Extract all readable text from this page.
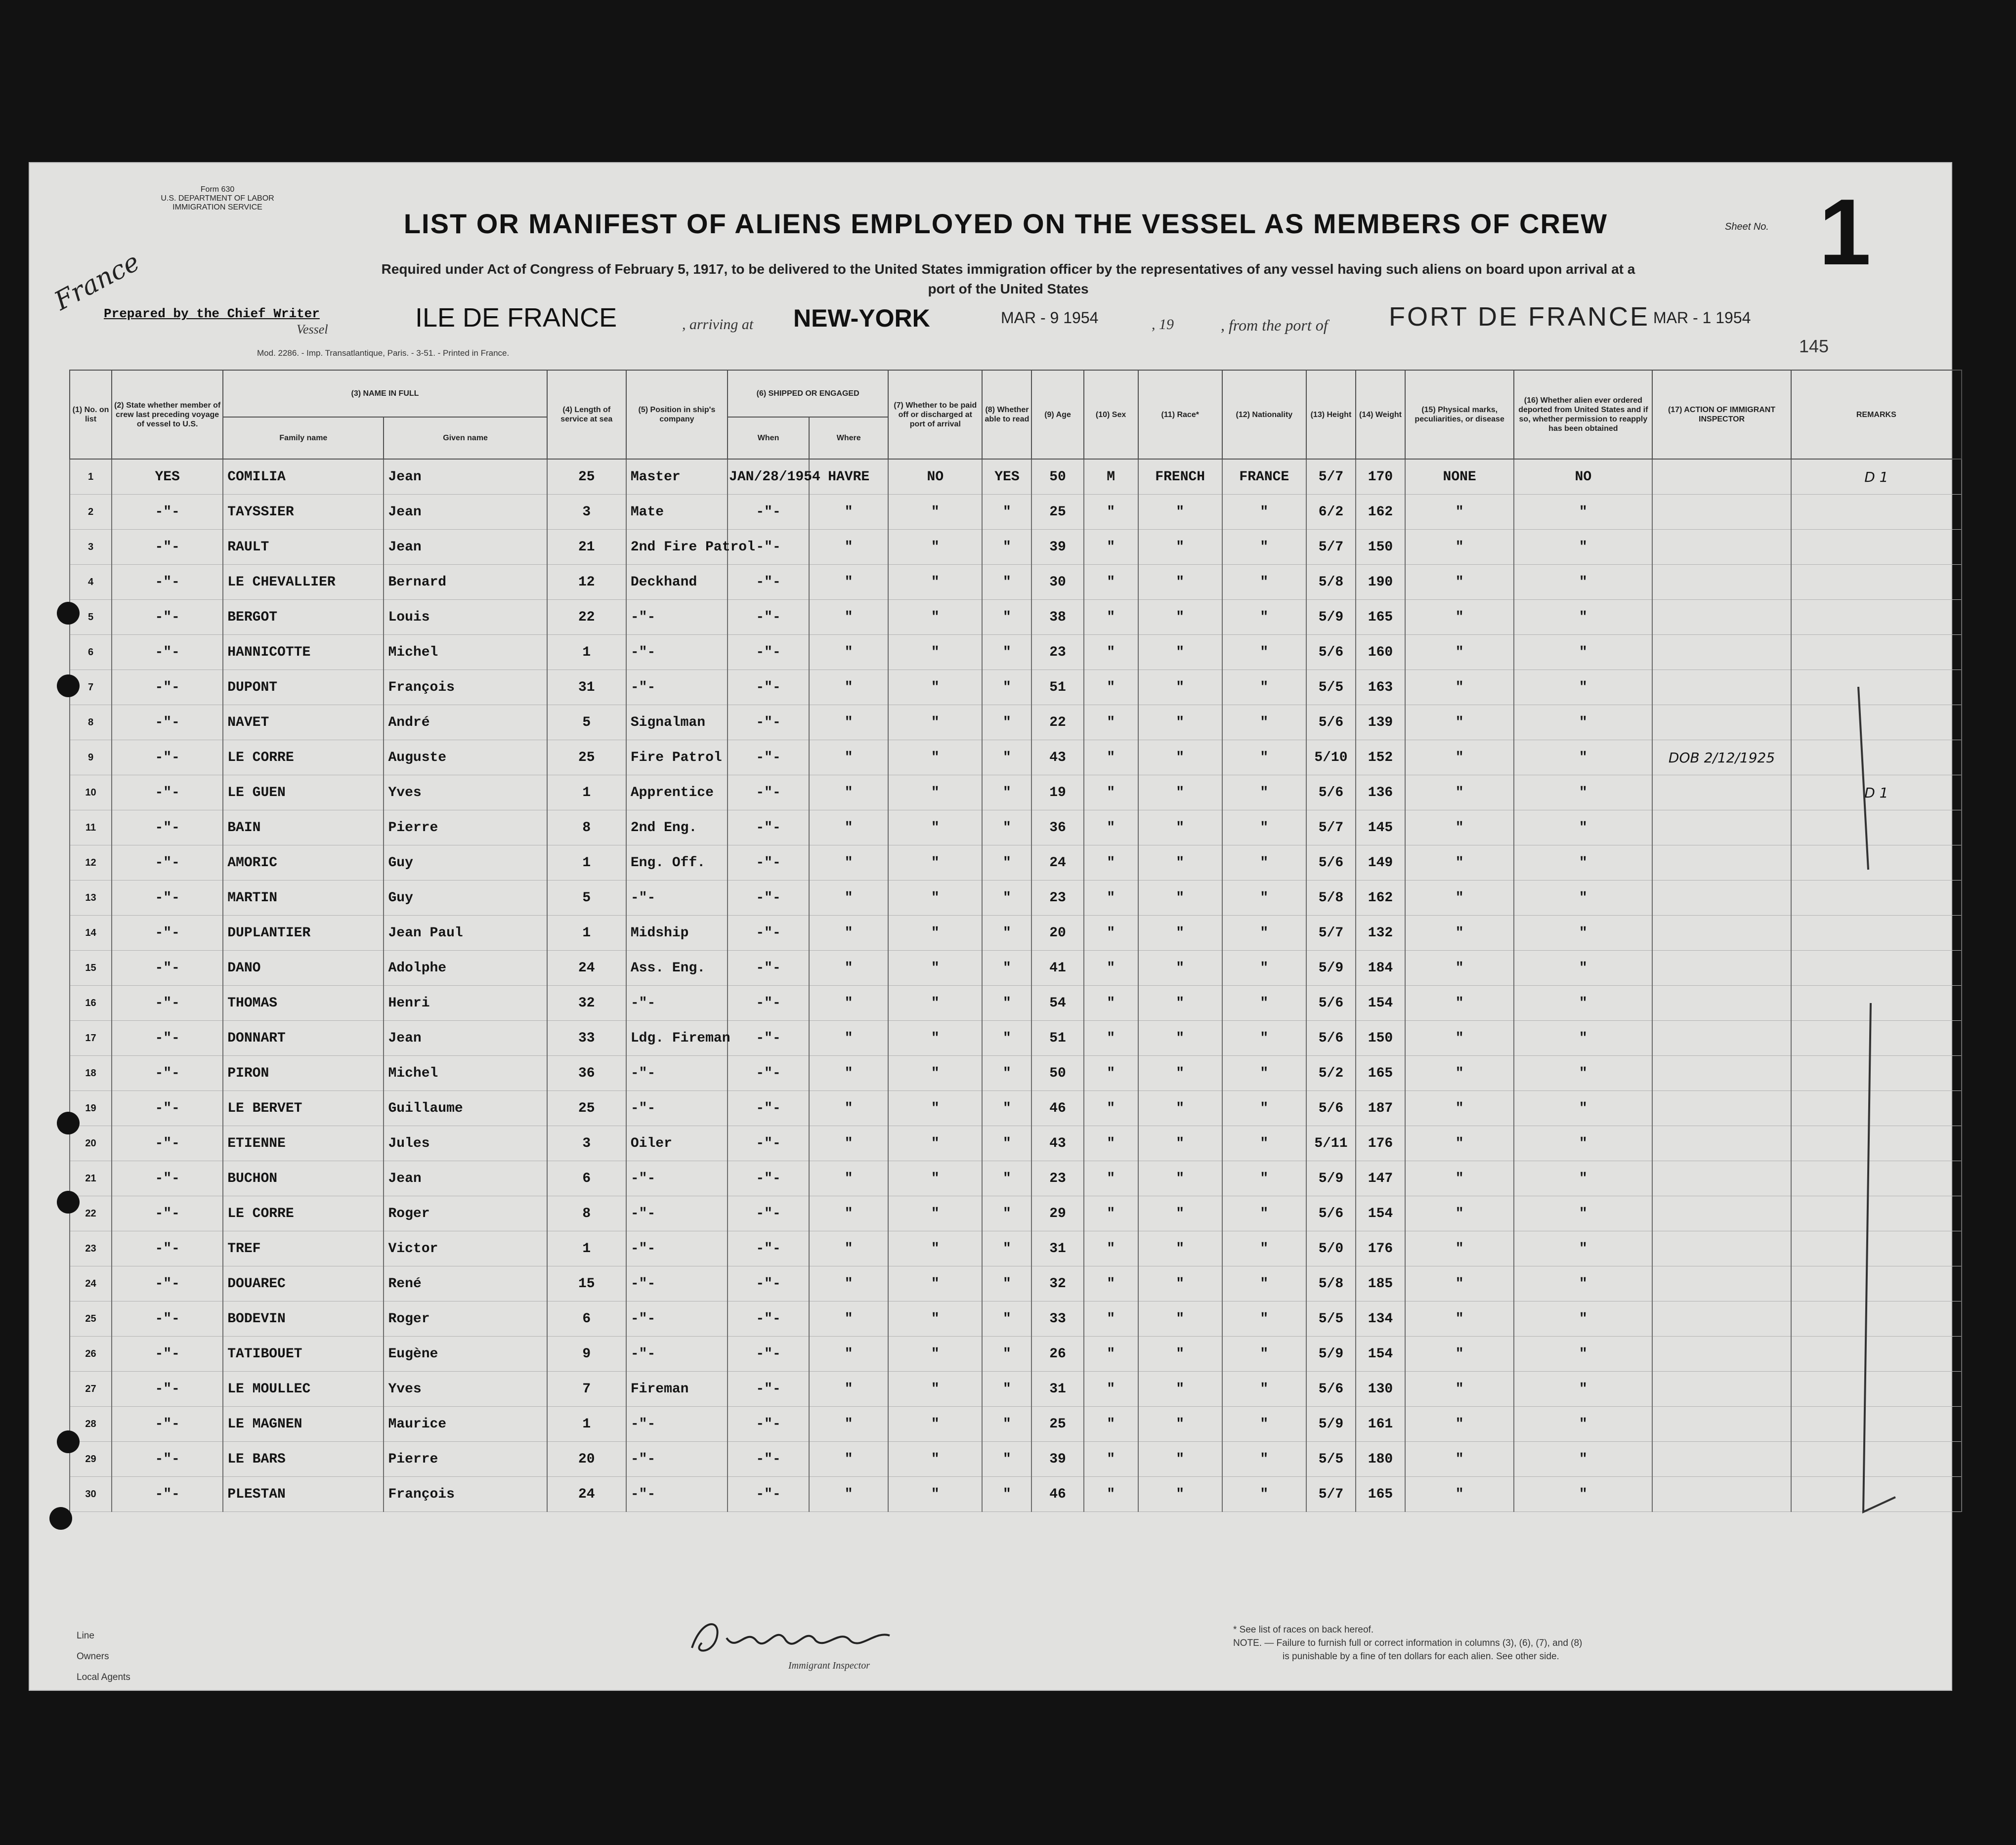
Form 630
U.S. DEPARTMENT OF LABOR
IMMIGRATION SERVICE
France
LIST OR MANIFEST OF ALIENS EMPLOYED ON THE VESSEL AS MEMBERS OF CREW	Sheet No. 1
Required under Act of Congress of February 5, 1917, to be delivered to the United States immigration officer by the representatives of any vessel having such aliens on board upon arrival at a
port of the United States
Prepared by the Chief Writer
Vessel	ILE DE FRANCE	, arriving at NEW-YORK	MAR - 9 1954	, 19	, from the port of FORT DE FRANCE MAR - 1 1954
Mod. 2286. - Imp. Transatlantique, Paris. - 3-51. - Printed in France.	145
(1) No. on list	(2) State whether member of crew last preceding voyage of vessel to U.S.	(3) NAME IN FULL		(4) Length of service at sea	(5) Position in ship's company	(6) SHIPPED OR ENGAGED		(7) Whether to be paid off or discharged at port of arrival	(8) Whether able to read	(9) Age	(10) Sex	(11) Race*	(12) Nationality	(13) Height	(14) Weight	(15) Physical marks, peculiarities, or disease	(16) Whether alien ever ordered deported from United States and if so, whether permission to reapply has been obtained	(17) ACTION OF IMMIGRANT INSPECTOR	REMARKS
		Family name	Given name			When	Where												
1	YES	COMILIA	Jean	25	Master	JAN/28/1954	HAVRE	NO	YES	50	M	FRENCH	FRANCE	5/7	170	NONE	NO		D 1
2	-"-	TAYSSIER	Jean	3	Mate	-"-	"	"	"	25	"	"	"	6/2	162	"	"		
3	-"-	RAULT	Jean	21	2nd Fire Patrol	-"-	"	"	"	39	"	"	"	5/7	150	"	"		
4	-"-	LE CHEVALLIER	Bernard	12	Deckhand	-"-	"	"	"	30	"	"	"	5/8	190	"	"		
5	-"-	BERGOT	Louis	22	-"-	-"-	"	"	"	38	"	"	"	5/9	165	"	"		
6	-"-	HANNICOTTE	Michel	1	-"-	-"-	"	"	"	23	"	"	"	5/6	160	"	"		
7	-"-	DUPONT	François	31	-"-	-"-	"	"	"	51	"	"	"	5/5	163	"	"		
8	-"-	NAVET	André	5	Signalman	-"-	"	"	"	22	"	"	"	5/6	139	"	"		
9	-"-	LE CORRE	Auguste	25	Fire Patrol	-"-	"	"	"	43	"	"	"	5/10	152	"	"	DOB 2/12/1925	
10	-"-	LE GUEN	Yves	1	Apprentice	-"-	"	"	"	19	"	"	"	5/6	136	"	"		D 1
11	-"-	BAIN	Pierre	8	2nd Eng.	-"-	"	"	"	36	"	"	"	5/7	145	"	"		
12	-"-	AMORIC	Guy	1	Eng. Off.	-"-	"	"	"	24	"	"	"	5/6	149	"	"		
13	-"-	MARTIN	Guy	5	-"-	-"-	"	"	"	23	"	"	"	5/8	162	"	"		
14	-"-	DUPLANTIER	Jean Paul	1	Midship	-"-	"	"	"	20	"	"	"	5/7	132	"	"		
15	-"-	DANO	Adolphe	24	Ass. Eng.	-"-	"	"	"	41	"	"	"	5/9	184	"	"		
16	-"-	THOMAS	Henri	32	-"-	-"-	"	"	"	54	"	"	"	5/6	154	"	"		
17	-"-	DONNART	Jean	33	Ldg. Fireman	-"-	"	"	"	51	"	"	"	5/6	150	"	"		
18	-"-	PIRON	Michel	36	-"-	-"-	"	"	"	50	"	"	"	5/2	165	"	"		
19	-"-	LE BERVET	Guillaume	25	-"-	-"-	"	"	"	46	"	"	"	5/6	187	"	"		
20	-"-	ETIENNE	Jules	3	Oiler	-"-	"	"	"	43	"	"	"	5/11	176	"	"		
21	-"-	BUCHON	Jean	6	-"-	-"-	"	"	"	23	"	"	"	5/9	147	"	"		
22	-"-	LE CORRE	Roger	8	-"-	-"-	"	"	"	29	"	"	"	5/6	154	"	"		
23	-"-	TREF	Victor	1	-"-	-"-	"	"	"	31	"	"	"	5/0	176	"	"		
24	-"-	DOUAREC	René	15	-"-	-"-	"	"	"	32	"	"	"	5/8	185	"	"		
25	-"-	BODEVIN	Roger	6	-"-	-"-	"	"	"	33	"	"	"	5/5	134	"	"		
26	-"-	TATIBOUET	Eugène	9	-"-	-"-	"	"	"	26	"	"	"	5/9	154	"	"		
27	-"-	LE MOULLEC	Yves	7	Fireman	-"-	"	"	"	31	"	"	"	5/6	130	"	"		
28	-"-	LE MAGNEN	Maurice	1	-"-	-"-	"	"	"	25	"	"	"	5/9	161	"	"		
29	-"-	LE BARS	Pierre	20	-"-	-"-	"	"	"	39	"	"	"	5/5	180	"	"		
30	-"-	PLESTAN	François	24	-"-	-"-	"	"	"	46	"	"	"	5/7	165	"	"		
Line
Owners
Local Agents
Immigrant Inspector
* See list of races on back hereof.
NOTE. — Failure to furnish full or correct information in columns (3), (6), (7), and (8)
is punishable by a fine of ten dollars for each alien. See other side.
